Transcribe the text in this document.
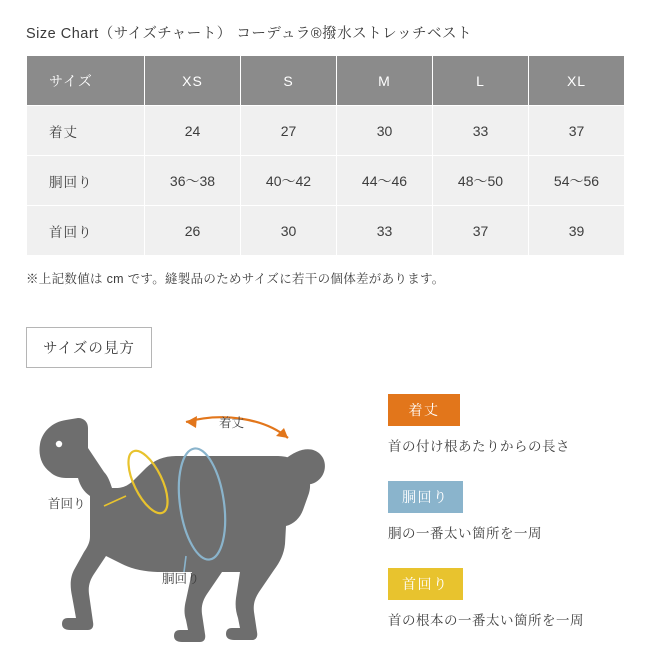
Size Chart（サイズチャート） コーデュラ®撥水ストレッチベスト
サイズ	XS	S	M	L	XL
着丈	24	27	30	33	37
胴回り	36〜38	40〜42	44〜46	48〜50	54〜56
首回り	26	30	33	37	39
※上記数値は cm です。縫製品のためサイズに若干の個体差があります。
サイズの見方
着丈
胴回り
首回り
着丈
首の付け根あたりからの長さ
胴回り
胴の一番太い箇所を一周
首回り
首の根本の一番太い箇所を一周
